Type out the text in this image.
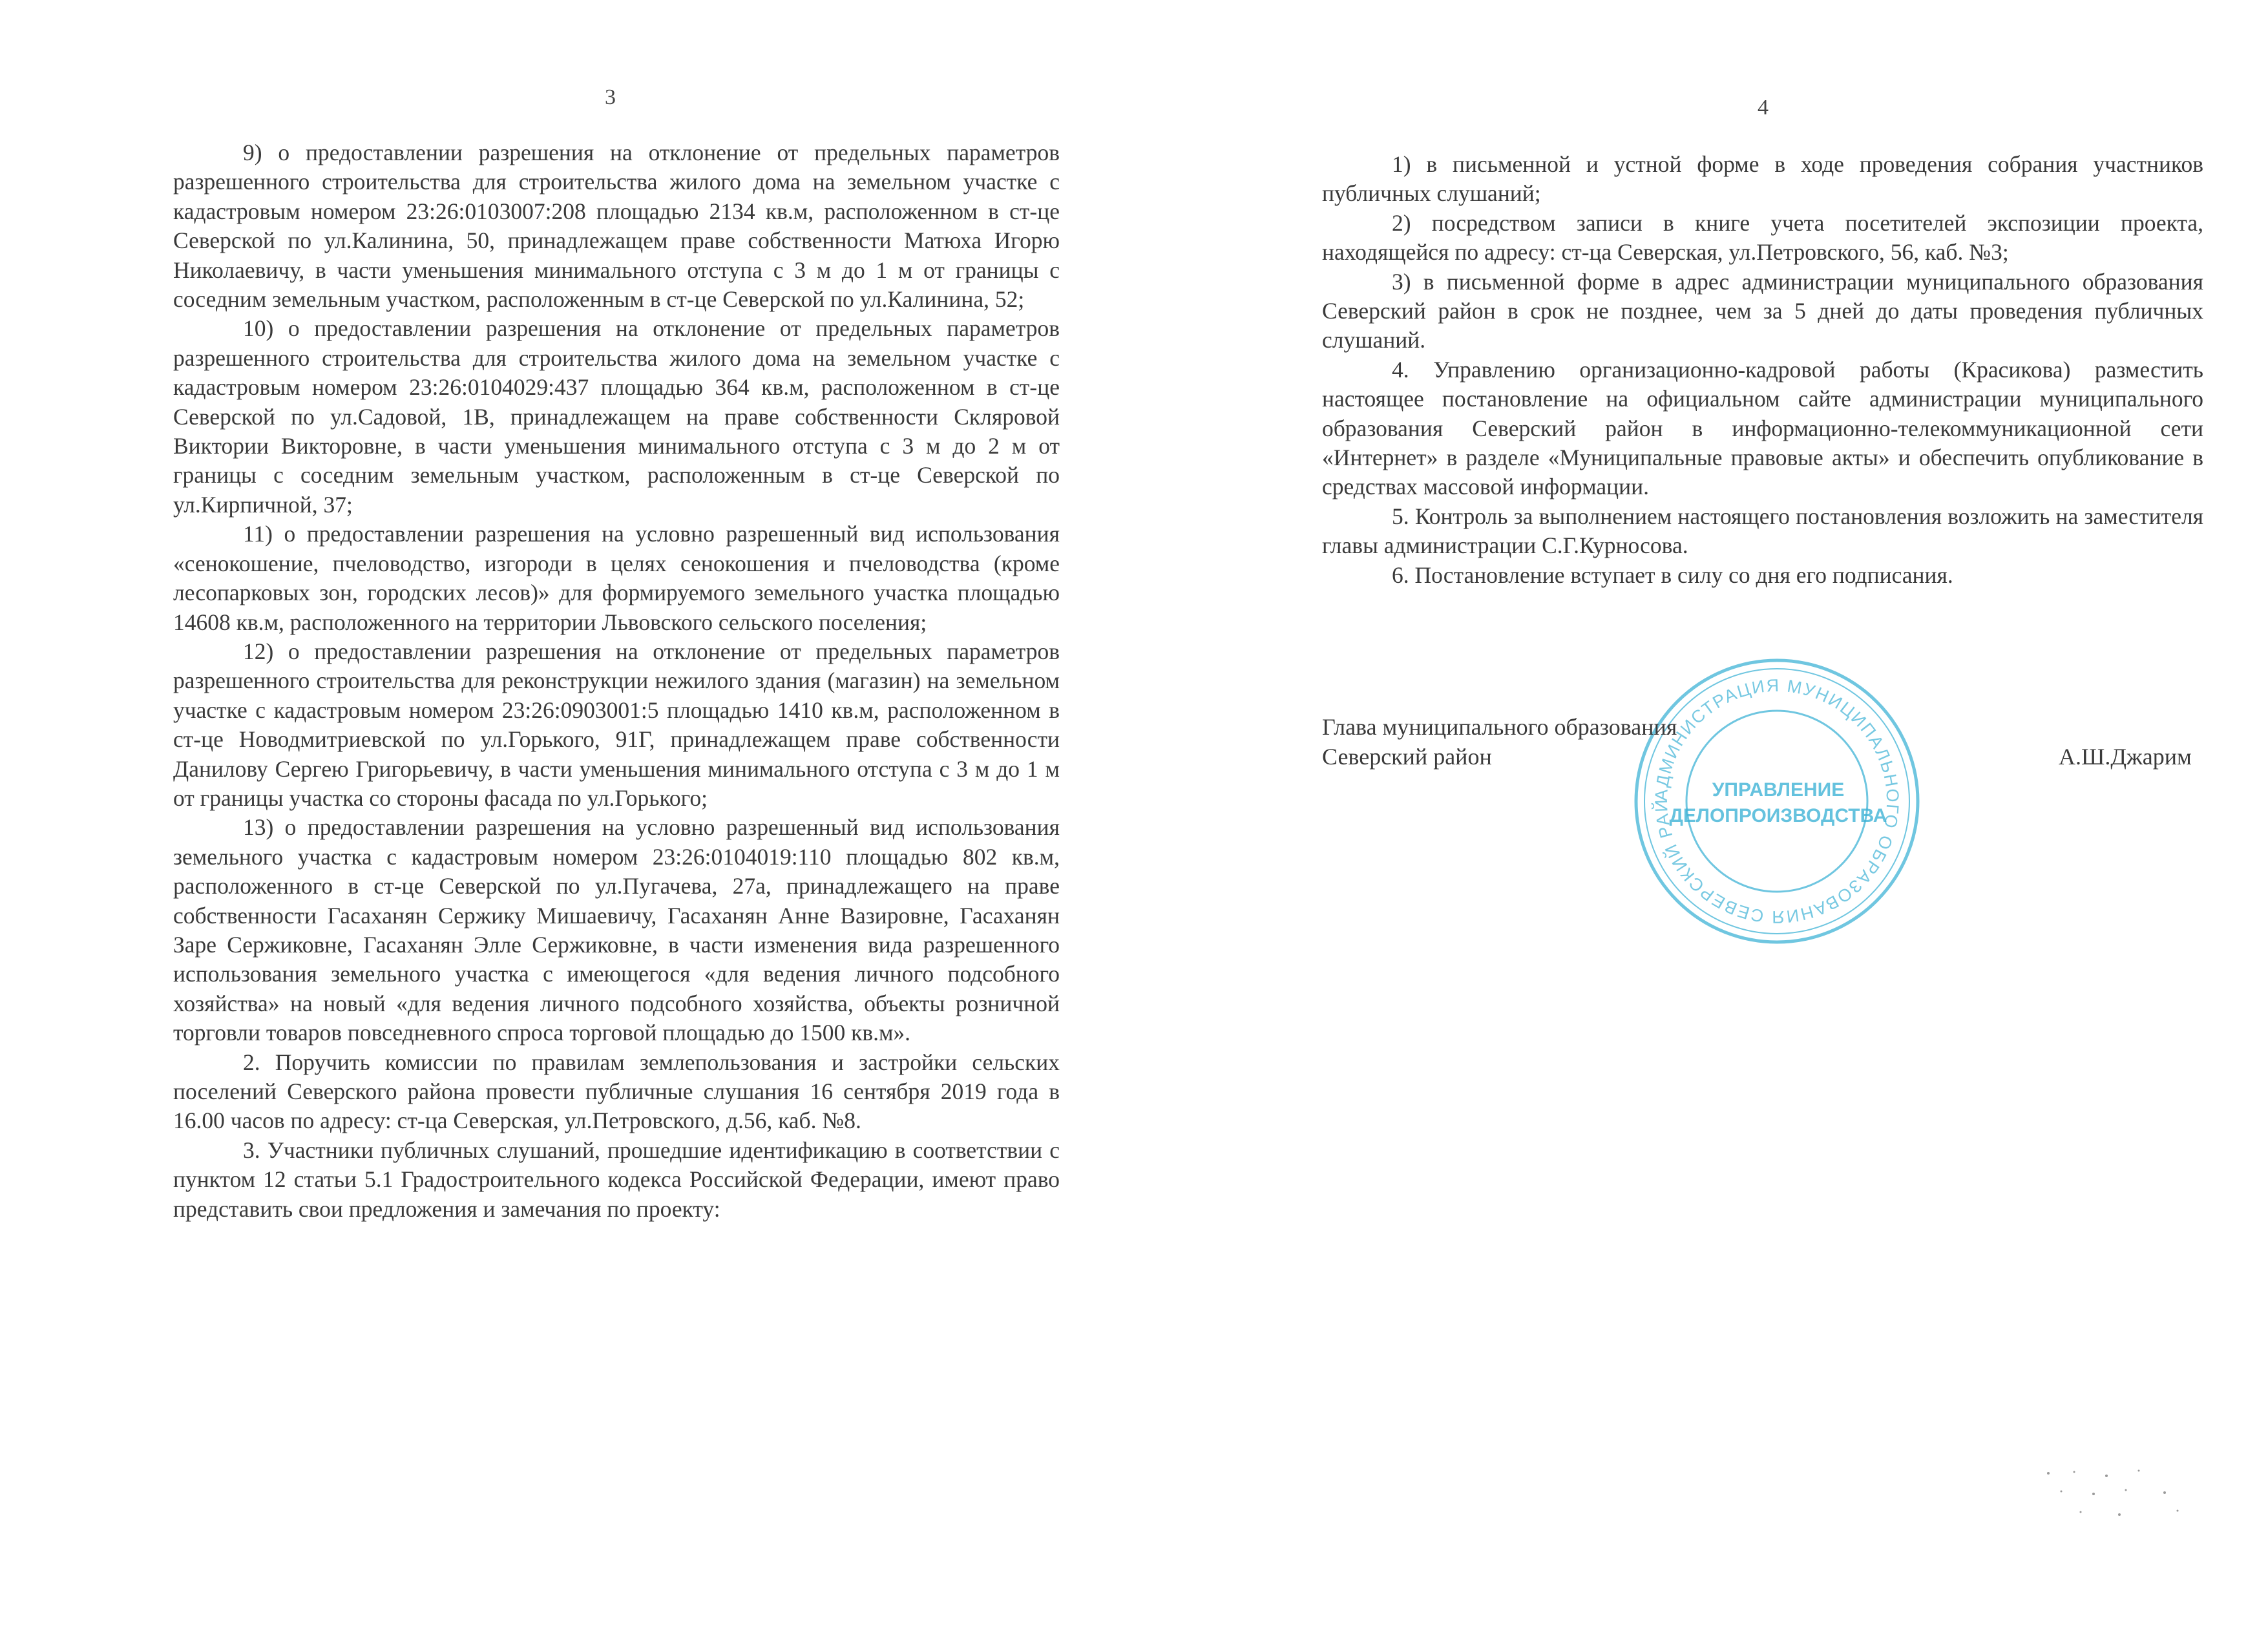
3	4

9) о предоставлении разрешения на отклонение от предельных параметров разрешенного строительства для строительства жилого дома на земельном участке с кадастровым номером 23:26:0103007:208 площадью 2134 кв.м, расположенном в ст-це Северской по ул.Калинина, 50, принадлежащем праве собственности Матюха Игорю Николаевичу, в части уменьшения минимального отступа с 3 м до 1 м от границы с соседним земельным участком, расположенным в ст-це Северской по ул.Калинина, 52;

10) о предоставлении разрешения на отклонение от предельных параметров разрешенного строительства для строительства жилого дома на земельном участке с кадастровым номером 23:26:0104029:437 площадью 364 кв.м, расположенном в ст-це Северской по ул.Садовой, 1В, принадлежащем на праве собственности Скляровой Виктории Викторовне, в части уменьшения минимального отступа с 3 м до 2 м от границы с соседним земельным участком, расположенным в ст-це Северской по ул.Кирпичной, 37;

11) о предоставлении разрешения на условно разрешенный вид использования «сенокошение, пчеловодство, изгороди в целях сенокошения и пчеловодства (кроме лесопарковых зон, городских лесов)» для формируемого земельного участка площадью 14608 кв.м, расположенного на территории Львовского сельского поселения;

12) о предоставлении разрешения на отклонение от предельных параметров разрешенного строительства для реконструкции нежилого здания (магазин) на земельном участке с кадастровым номером 23:26:0903001:5 площадью 1410 кв.м, расположенном в ст-це Новодмитриевской по ул.Горького, 91Г, принадлежащем праве собственности Данилову Сергею Григорьевичу, в части уменьшения минимального отступа с 3 м до 1 м от границы участка со стороны фасада по ул.Горького;

13) о предоставлении разрешения на условно разрешенный вид использования земельного участка с кадастровым номером 23:26:0104019:110 площадью 802 кв.м, расположенного в ст-це Северской по ул.Пугачева, 27а, принадлежащего на праве собственности Гасаханян Сержику Мишаевичу, Гасаханян Анне Вазировне, Гасаханян Заре Сержиковне, Гасаханян Элле Сержиковне, в части изменения вида разрешенного использования земельного участка с имеющегося «для ведения личного подсобного хозяйства» на новый «для ведения личного подсобного хозяйства, объекты розничной торговли товаров повседневного спроса торговой площадью до 1500 кв.м».

2. Поручить комиссии по правилам землепользования и застройки сельских поселений Северского района провести публичные слушания 16 сентября 2019 года в 16.00 часов по адресу: ст-ца Северская, ул.Петровского, д.56, каб. №8.

3. Участники публичных слушаний, прошедшие идентификацию в соответствии с пунктом 12 статьи 5.1 Градостроительного кодекса Российской Федерации, имеют право представить свои предложения и замечания по проекту:

1) в письменной и устной форме в ходе проведения собрания участников публичных слушаний;

2) посредством записи в книге учета посетителей экспозиции проекта, находящейся по адресу: ст-ца Северская, ул.Петровского, 56, каб. №3;

3) в письменной форме в адрес администрации муниципального образования Северский район в срок не позднее, чем за 5 дней до даты проведения публичных слушаний.

4. Управлению организационно-кадровой работы (Красикова) разместить настоящее постановление на официальном сайте администрации муниципального образования Северский район в информационно-телекоммуникационной сети «Интернет» в разделе «Муниципальные правовые акты» и обеспечить опубликование в средствах массовой информации.

5. Контроль за выполнением настоящего постановления возложить на заместителя главы администрации С.Г.Курносова.

6. Постановление вступает в силу со дня его подписания.

АДМИНИСТРАЦИЯ МУНИЦИПАЛЬНОГО ОБРАЗОВАНИЯ СЕВЕРСКИЙ РАЙ
УПРАВЛЕНИЕ
ДЕЛОПРОИЗВОДСТВА
Глава муниципального образования
Северский район	А.Ш.Джарим
